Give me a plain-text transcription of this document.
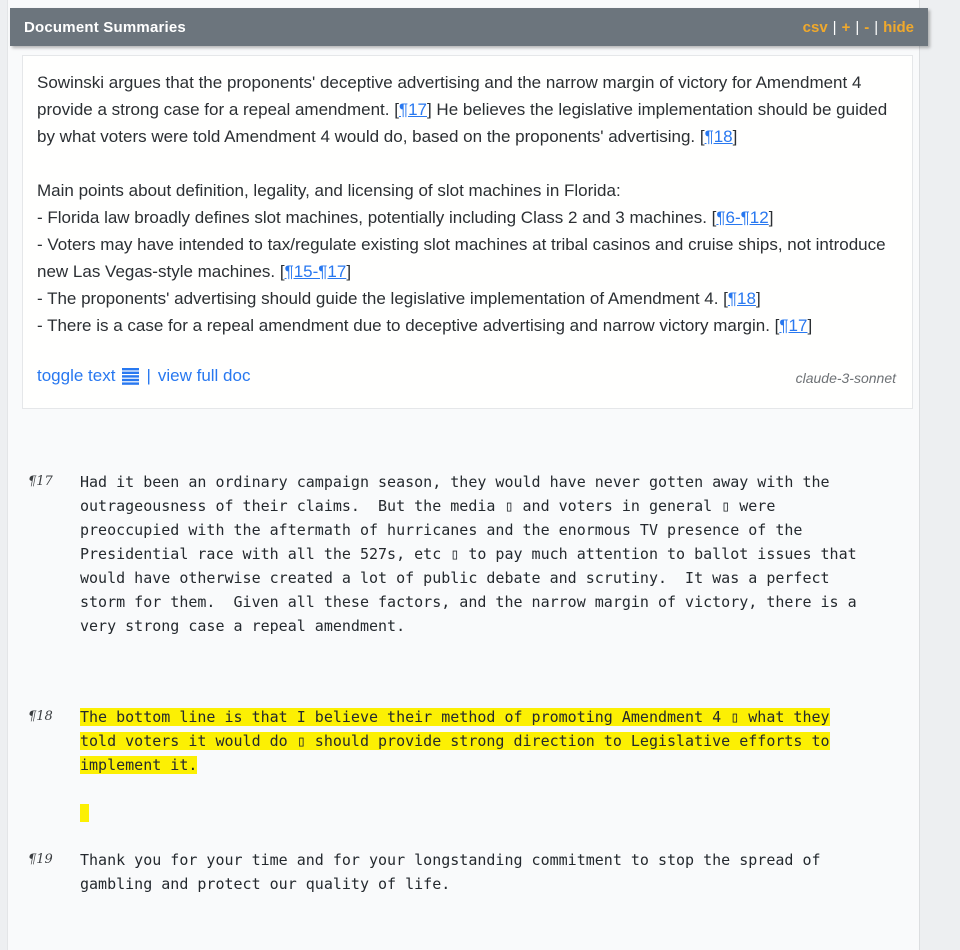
Document Summaries	csv | + | - | hide
Sowinski argues that the proponents' deceptive advertising and the narrow margin of victory for Amendment 4 provide a strong case for a repeal amendment. [¶17] He believes the legislative implementation should be guided by what voters were told Amendment 4 would do, based on the proponents' advertising. [¶18]
Main points about definition, legality, and licensing of slot machines in Florida:
- Florida law broadly defines slot machines, potentially including Class 2 and 3 machines. [¶6-¶12]
- Voters may have intended to tax/regulate existing slot machines at tribal casinos and cruise ships, not introduce new Las Vegas-style machines. [¶15-¶17]
- The proponents' advertising should guide the legislative implementation of Amendment 4. [¶18]
- There is a case for a repeal amendment due to deceptive advertising and narrow victory margin. [¶17]
toggle text | view full doc	claude-3-sonnet
¶17	Had it been an ordinary campaign season, they would have never gotten away with the
outrageousness of their claims.  But the media ▯ and voters in general ▯ were
preoccupied with the aftermath of hurricanes and the enormous TV presence of the
Presidential race with all the 527s, etc ▯ to pay much attention to ballot issues that
would have otherwise created a lot of public debate and scrutiny.  It was a perfect
storm for them.  Given all these factors, and the narrow margin of victory, there is a
very strong case a repeal amendment.
¶18	The bottom line is that I believe their method of promoting Amendment 4 ▯ what they
told voters it would do ▯ should provide strong direction to Legislative efforts to
implement it.

¶19	Thank you for your time and for your longstanding commitment to stop the spread of
gambling and protect our quality of life.
